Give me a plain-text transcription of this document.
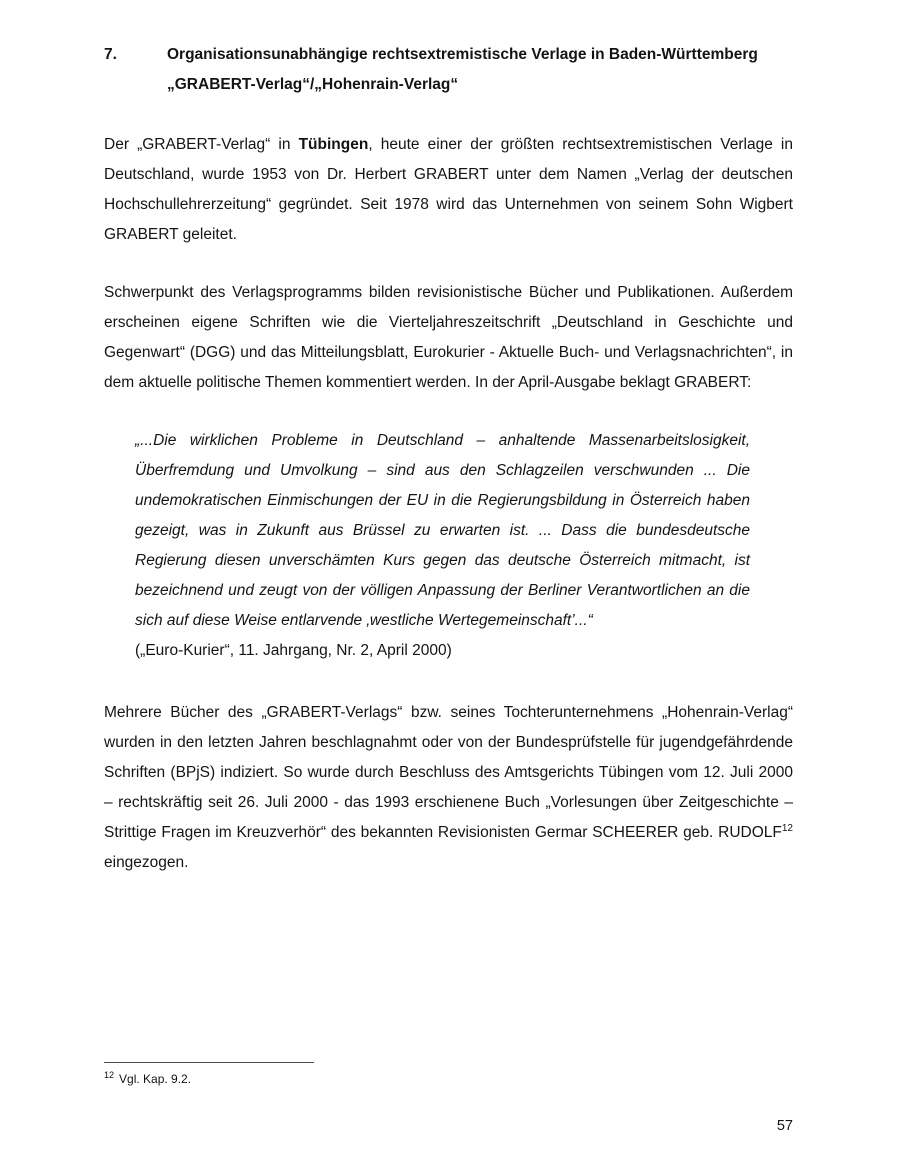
7.	Organisationsunabhängige rechtsextremistische Verlage in Baden-Württemberg
„GRABERT-Verlag“/„Hohenrain-Verlag“

Der „GRABERT-Verlag“ in Tübingen, heute einer der größten rechtsextremistischen Verlage in Deutschland, wurde 1953 von Dr. Herbert GRABERT unter dem Namen „Verlag der deutschen Hochschullehrerzeitung“ gegründet. Seit 1978 wird das Unternehmen von seinem Sohn Wigbert GRABERT geleitet.

Schwerpunkt des Verlagsprogramms bilden revisionistische Bücher und Publikationen. Außerdem erscheinen eigene Schriften wie die Vierteljahreszeitschrift „Deutschland in Geschichte und Gegenwart“ (DGG) und das Mitteilungsblatt, Eurokurier - Aktuelle Buch- und Verlagsnachrichten“, in dem aktuelle politische Themen kommentiert werden. In der April-Ausgabe beklagt GRABERT:

„...Die wirklichen Probleme in Deutschland – anhaltende Massenarbeitslosigkeit, Überfremdung und Umvolkung – sind aus den Schlagzeilen verschwunden ... Die undemokratischen Einmischungen der EU in die Regierungsbildung in Österreich haben gezeigt, was in Zukunft aus Brüssel zu erwarten ist. ... Dass die bundesdeutsche Regierung diesen unverschämten Kurs gegen das deutsche Österreich mitmacht, ist bezeichnend und zeugt von der völligen Anpassung der Berliner Verantwortlichen an die sich auf diese Weise entlarvende ‚westliche Wertegemeinschaft’...“
(„Euro-Kurier“, 11. Jahrgang, Nr. 2, April 2000)

Mehrere Bücher des „GRABERT-Verlags“ bzw. seines Tochterunternehmens „Hohenrain-Verlag“ wurden in den letzten Jahren beschlagnahmt oder von der Bundesprüfstelle für jugendgefährdende Schriften (BPjS) indiziert. So wurde durch Beschluss des Amtsgerichts Tübingen vom 12. Juli 2000 – rechtskräftig seit 26. Juli 2000 - das 1993 erschienene Buch „Vorlesungen über Zeitgeschichte – Strittige Fragen im Kreuzverhör“ des bekannten Revisionisten Germar SCHEERER geb. RUDOLF$^{12}$ eingezogen.

$^{12}$ Vgl. Kap. 9.2.
57
